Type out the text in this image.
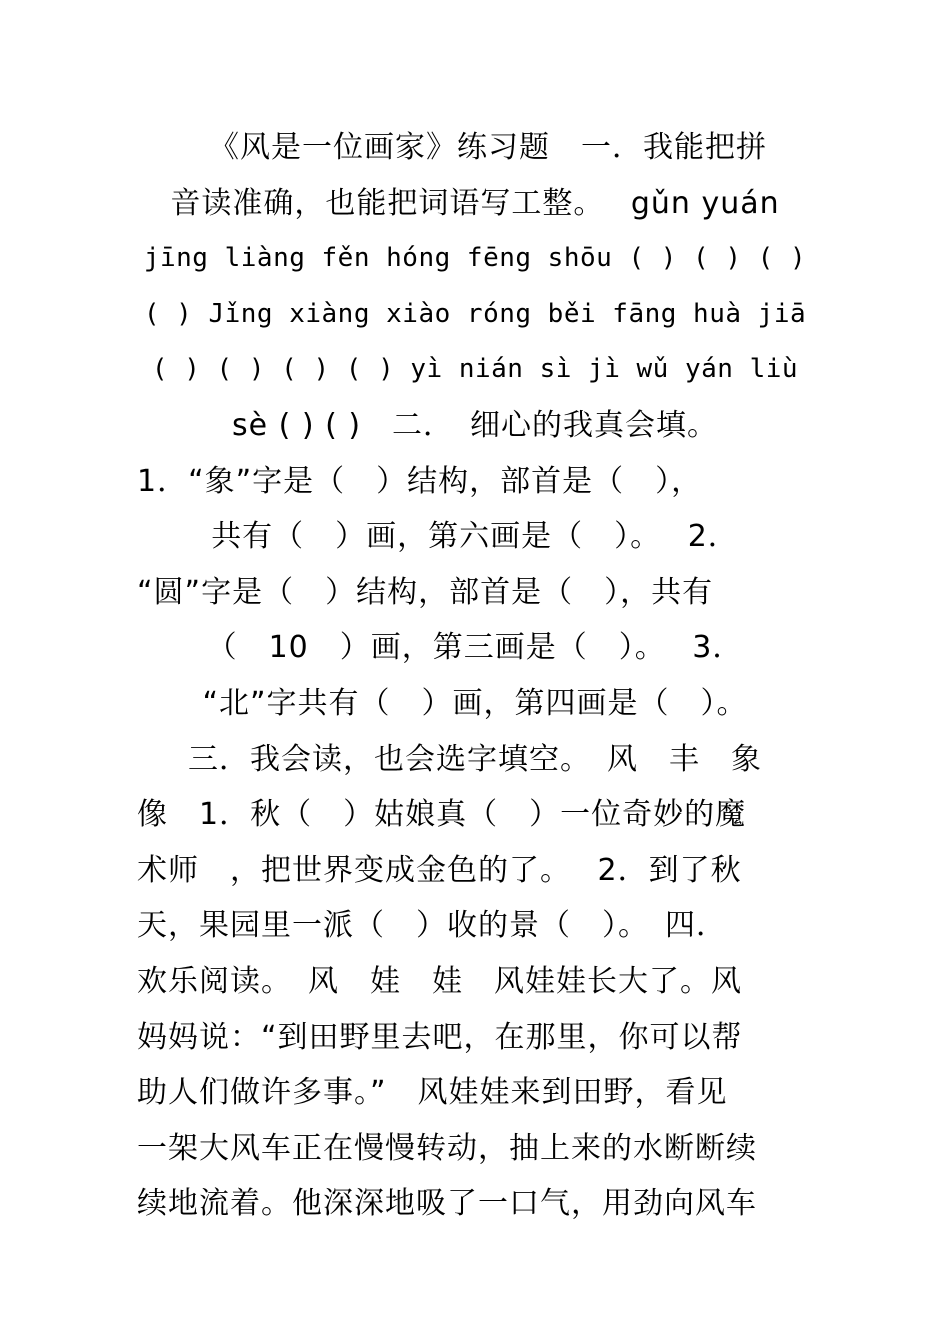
《风是一位画家》练习题　一．我能把拼
音读准确，也能把词语写工整。　 gǔn yuán
jīng liàng fěn hóng fēng shōu ( ) ( ) ( )
( ) Jǐng xiàng xiào róng běi fāng huà jiā
( ) ( ) ( ) ( ) yì nián sì jì wǔ yán liù
sè ( ) ( )　二．　细心的我真会填。
1．“象”字是（　）结构，部首是（　），
共有（　）画，第六画是（　）。　 2．
“圆”字是（　）结构，部首是（　），共有
（　10　）画，第三画是（　）。　 3．
“北”字共有（　）画，第四画是（　）。
三．我会读，也会选字填空。　风　丰　象
像　1．秋（　）姑娘真（　）一位奇妙的魔
术师　，把世界变成金色的了。　 2．到了秋
天，果园里一派（　）收的景（　）。　四．
欢乐阅读。　风　娃　娃　风娃娃长大了。风
妈妈说：“到田野里去吧，在那里，你可以帮
助人们做许多事。”　风娃娃来到田野，看见
一架大风车正在慢慢转动，抽上来的水断断续
续地流着。他深深地吸了一口气，用劲向风车
